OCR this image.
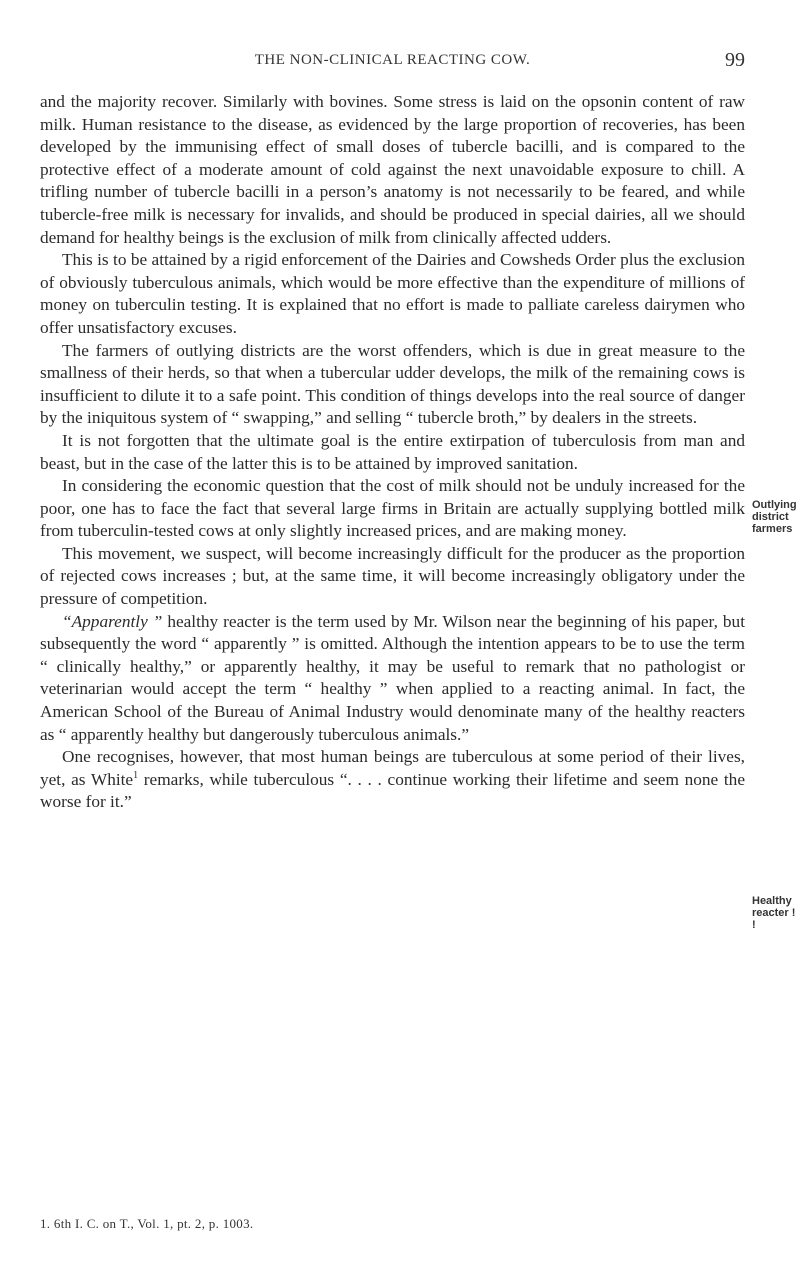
THE NON-CLINICAL REACTING COW.	99

and the majority recover. Similarly with bovines. Some stress is laid on the opsonin content of raw milk. Human resistance to the disease, as evidenced by the large proportion of recoveries, has been developed by the immunising effect of small doses of tubercle bacilli, and is compared to the protective effect of a moderate amount of cold against the next unavoidable exposure to chill. A trifling number of tubercle bacilli in a person’s anatomy is not necessarily to be feared, and while tubercle-free milk is necessary for invalids, and should be produced in special dairies, all we should demand for healthy beings is the exclusion of milk from clinically affected udders.

This is to be attained by a rigid enforcement of the Dairies and Cowsheds Order plus the exclusion of obviously tuberculous animals, which would be more effective than the expenditure of millions of money on tuberculin testing. It is explained that no effort is made to palliate careless dairymen who offer unsatisfactory excuses.

The farmers of outlying districts are the worst offenders, which is due in great measure to the smallness of their herds, so that when a tubercular udder develops, the milk of the remaining cows is insufficient to dilute it to a safe point. This condition of things develops into the real source of danger by the iniquitous system of “ swapping,” and selling “ tubercle broth,” by dealers in the streets.

It is not forgotten that the ultimate goal is the entire extirpation of tuberculosis from man and beast, but in the case of the latter this is to be attained by improved sanitation.

In considering the economic question that the cost of milk should not be unduly increased for the poor, one has to face the fact that several large firms in Britain are actually supplying bottled milk from tuberculin-tested cows at only slightly increased prices, and are making money.

This movement, we suspect, will become increasingly difficult for the producer as the proportion of rejected cows increases ; but, at the same time, it will become increasingly obligatory under the pressure of competition.

“Apparently ” healthy reacter is the term used by Mr. Wilson near the beginning of his paper, but subsequently the word “ apparently ” is omitted. Although the intention appears to be to use the term “ clinically healthy,” or apparently healthy, it may be useful to remark that no pathologist or veterinarian would accept the term “ healthy ” when applied to a reacting animal. In fact, the American School of the Bureau of Animal Industry would denominate many of the healthy reacters as “ apparently healthy but dangerously tuberculous animals.”

One recognises, however, that most human beings are tuberculous at some period of their lives, yet, as White$^1$ remarks, while tuberculous “. . . . continue working their lifetime and seem none the worse for it.”

Outlying district farmers
Healthy reacter ! !
1. 6th I. C. on T., Vol. 1, pt. 2, p. 1003.
